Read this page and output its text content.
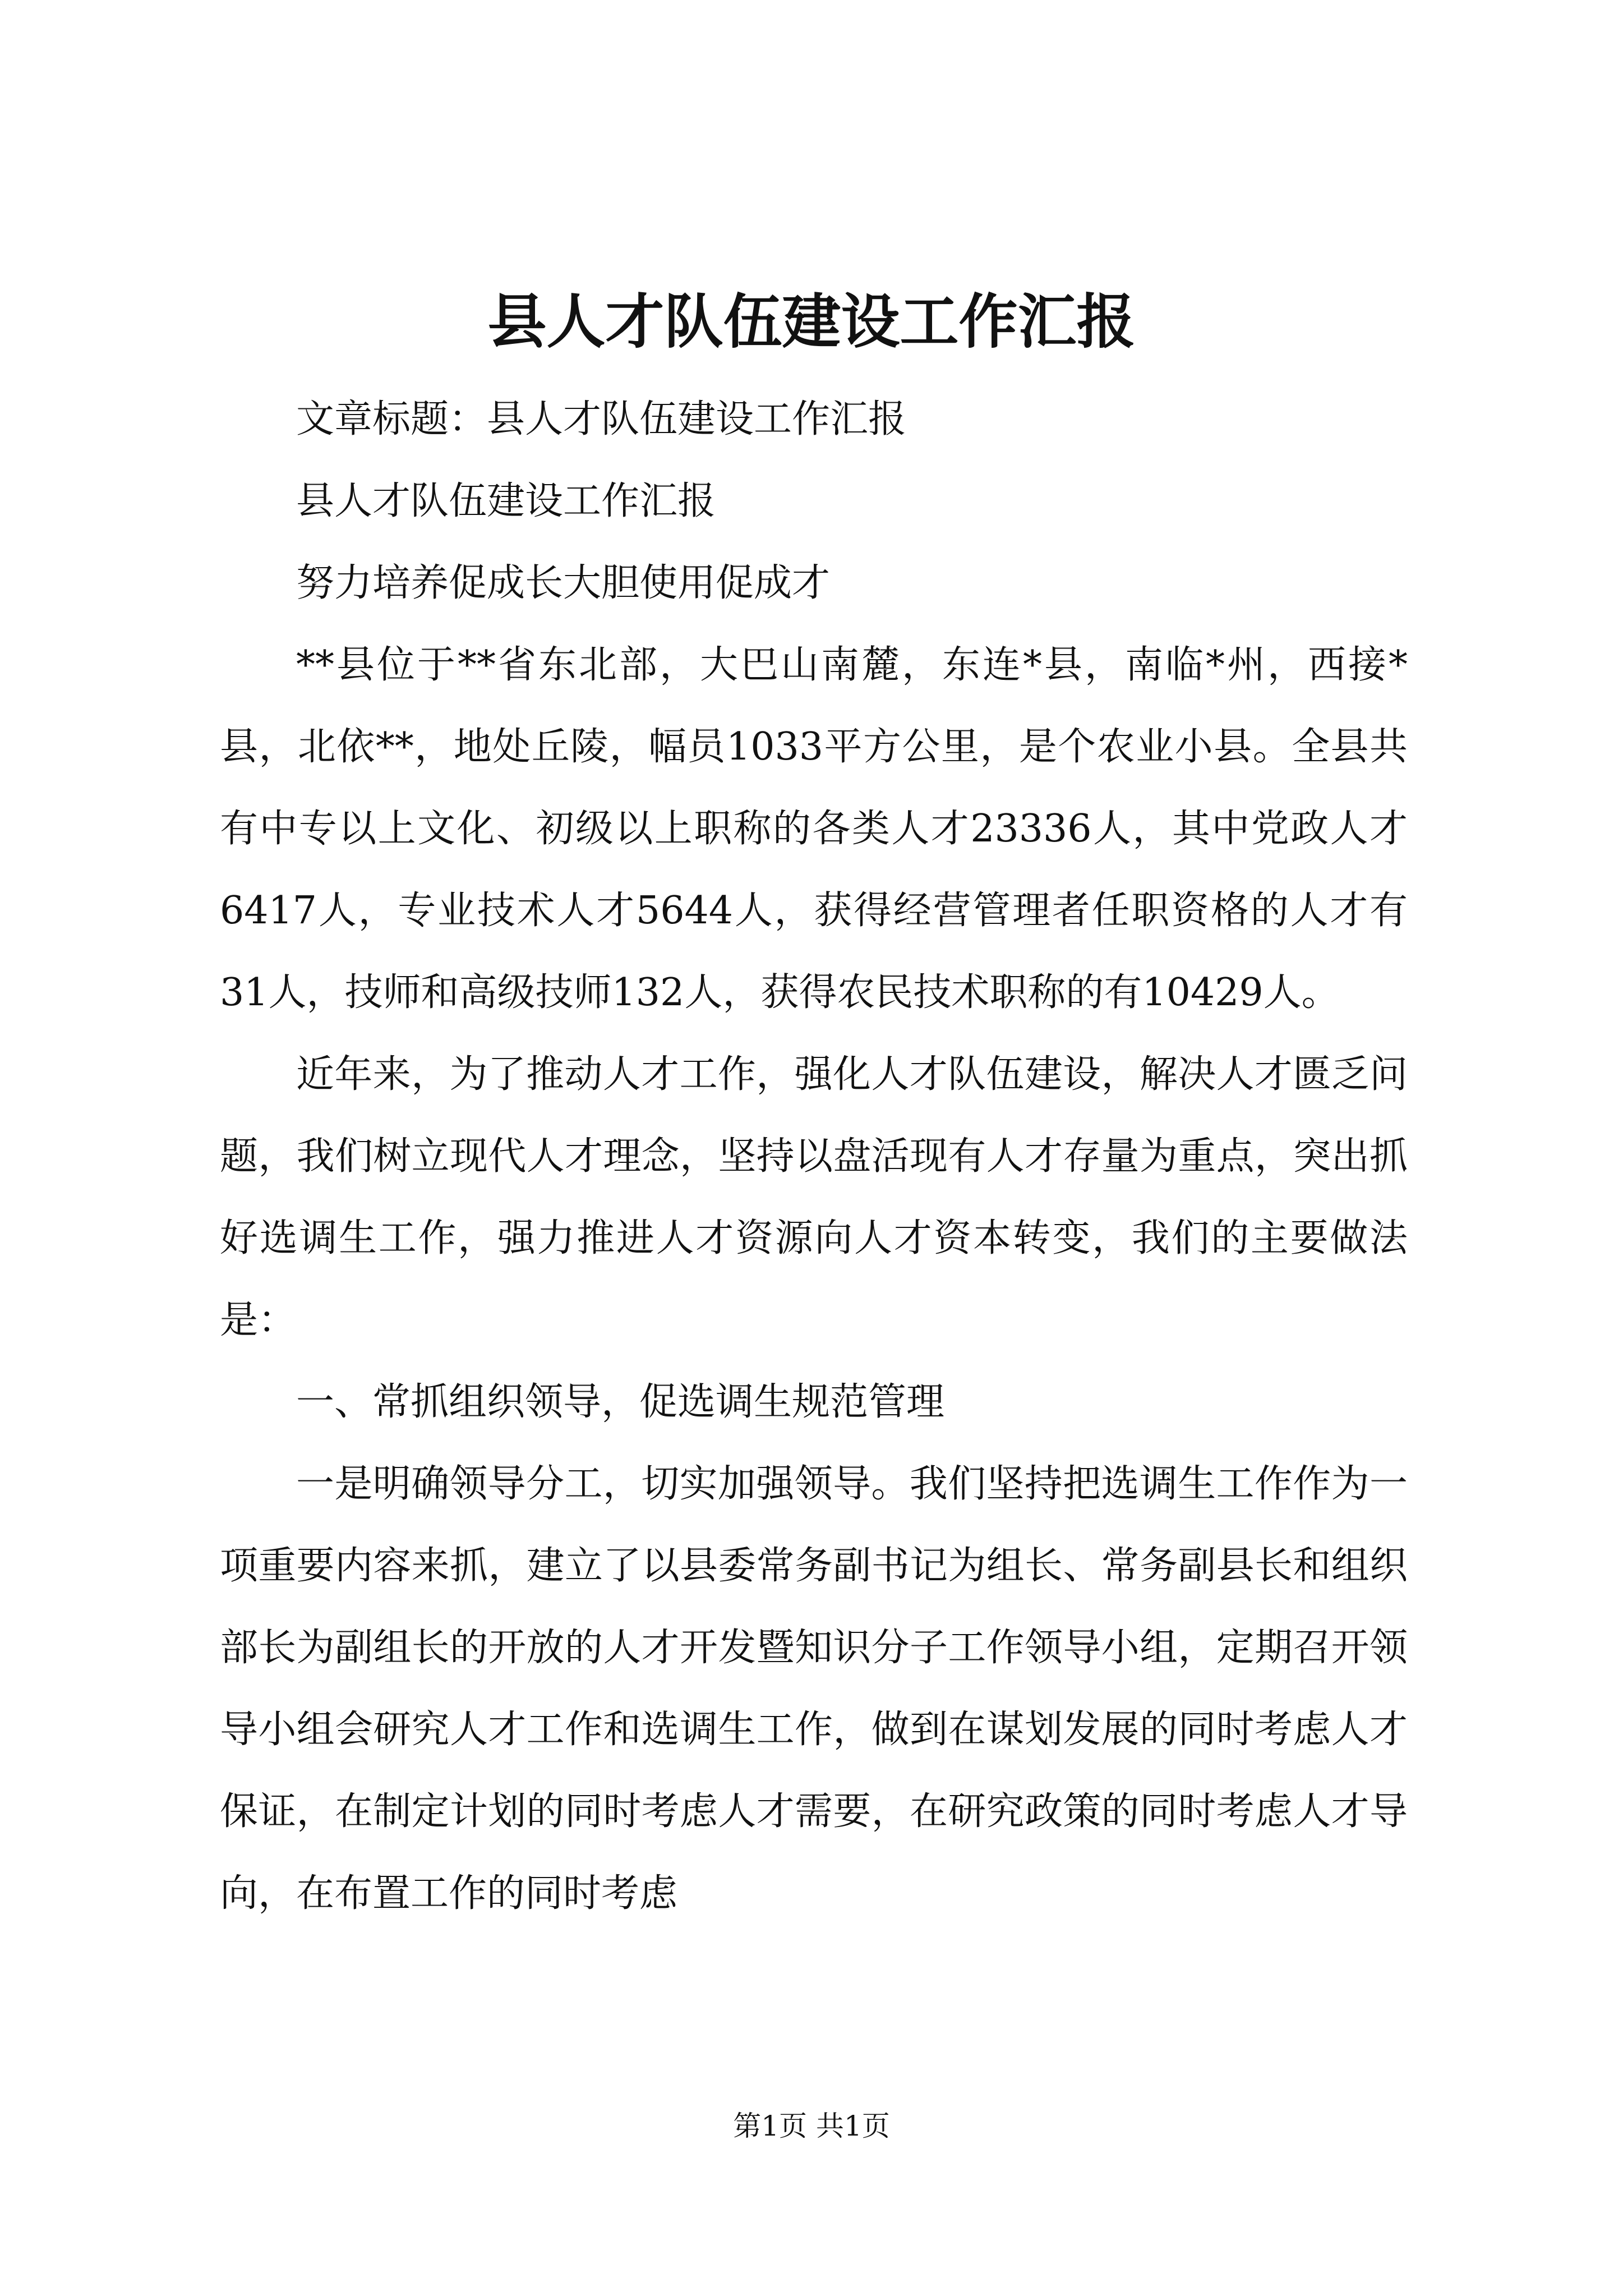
县人才队伍建设工作汇报

文章标题：县人才队伍建设工作汇报

县人才队伍建设工作汇报

努力培养促成长大胆使用促成才

**县位于**省东北部，大巴山南麓，东连*县，南临*州，西接*县，北依**，地处丘陵，幅员1033平方公里，是个农业小县。全县共有中专以上文化、初级以上职称的各类人才23336人，其中党政人才6417人，专业技术人才5644人，获得经营管理者任职资格的人才有31人，技师和高级技师132人，获得农民技术职称的有10429人。

近年来，为了推动人才工作，强化人才队伍建设，解决人才匮乏问题，我们树立现代人才理念，坚持以盘活现有人才存量为重点，突出抓好选调生工作，强力推进人才资源向人才资本转变，我们的主要做法是：

一、常抓组织领导，促选调生规范管理

一是明确领导分工，切实加强领导。我们坚持把选调生工作作为一项重要内容来抓，建立了以县委常务副书记为组长、常务副县长和组织部长为副组长的开放的人才开发暨知识分子工作领导小组，定期召开领导小组会研究人才工作和选调生工作，做到在谋划发展的同时考虑人才保证，在制定计划的同时考虑人才需要，在研究政策的同时考虑人才导向，在布置工作的同时考虑

第1页 共1页
